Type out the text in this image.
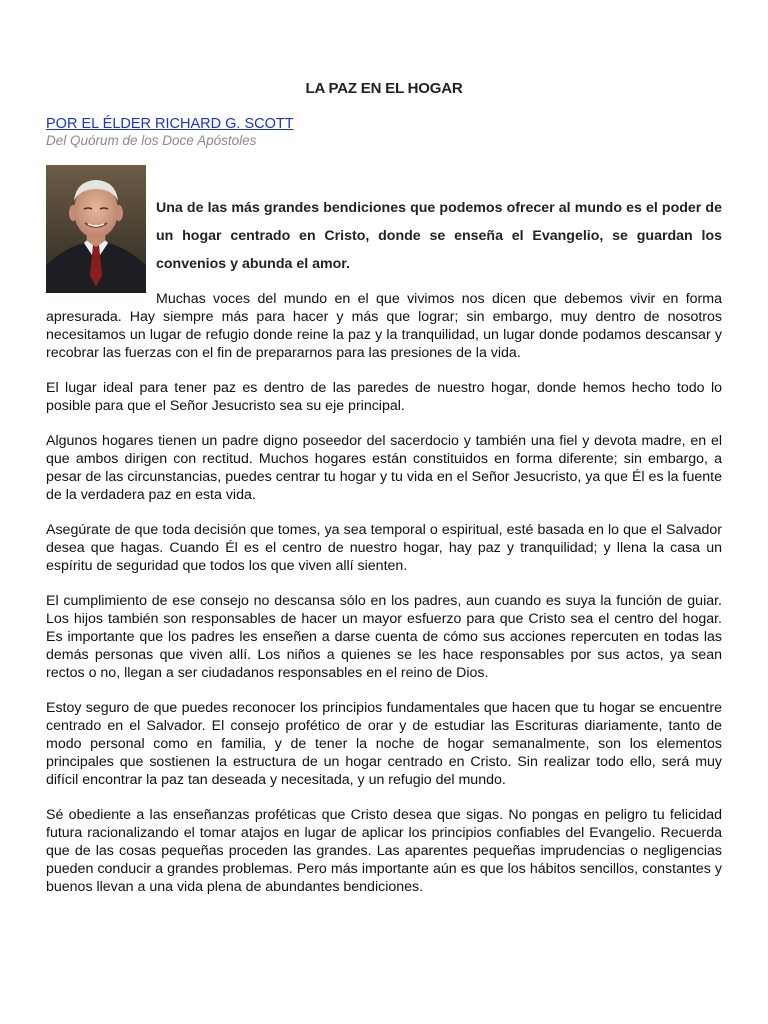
LA PAZ EN EL HOGAR
POR EL ÉLDER RICHARD G. SCOTT
Del Quórum de los Doce Apóstoles
Una de las más grandes bendiciones que podemos ofrecer al mundo es el poder de un hogar centrado en Cristo, donde se enseña el Evangelio, se guardan los convenios y abunda el amor.

Muchas voces del mundo en el que vivimos nos dicen que debemos vivir en forma apresurada. Hay siempre más para hacer y más que lograr; sin embargo, muy dentro de nosotros necesitamos un lugar de refugio donde reine la paz y la tranquilidad, un lugar donde podamos descansar y recobrar las fuerzas con el fin de prepararnos para las presiones de la vida.

El lugar ideal para tener paz es dentro de las paredes de nuestro hogar, donde hemos hecho todo lo posible para que el Señor Jesucristo sea su eje principal.

Algunos hogares tienen un padre digno poseedor del sacerdocio y también una fiel y devota madre, en el que ambos dirigen con rectitud. Muchos hogares están constituidos en forma diferente; sin embargo, a pesar de las circunstancias, puedes centrar tu hogar y tu vida en el Señor Jesucristo, ya que Él es la fuente de la verdadera paz en esta vida.

Asegúrate de que toda decisión que tomes, ya sea temporal o espiritual, esté basada en lo que el Salvador desea que hagas. Cuando Él es el centro de nuestro hogar, hay paz y tranquilidad; y llena la casa un espíritu de seguridad que todos los que viven allí sienten.

El cumplimiento de ese consejo no descansa sólo en los padres, aun cuando es suya la función de guiar. Los hijos también son responsables de hacer un mayor esfuerzo para que Cristo sea el centro del hogar. Es importante que los padres les enseñen a darse cuenta de cómo sus acciones repercuten en todas las demás personas que viven allí. Los niños a quienes se les hace responsables por sus actos, ya sean rectos o no, llegan a ser ciudadanos responsables en el reino de Dios.

Estoy seguro de que puedes reconocer los principios fundamentales que hacen que tu hogar se encuentre centrado en el Salvador. El consejo profético de orar y de estudiar las Escrituras diariamente, tanto de modo personal como en familia, y de tener la noche de hogar semanalmente, son los elementos principales que sostienen la estructura de un hogar centrado en Cristo. Sin realizar todo ello, será muy difícil encontrar la paz tan deseada y necesitada, y un refugio del mundo.

Sé obediente a las enseñanzas proféticas que Cristo desea que sigas. No pongas en peligro tu felicidad futura racionalizando el tomar atajos en lugar de aplicar los principios confiables del Evangelio. Recuerda que de las cosas pequeñas proceden las grandes. Las aparentes pequeñas imprudencias o negligencias pueden conducir a grandes problemas. Pero más importante aún es que los hábitos sencillos, constantes y buenos llevan a una vida plena de abundantes bendiciones.
